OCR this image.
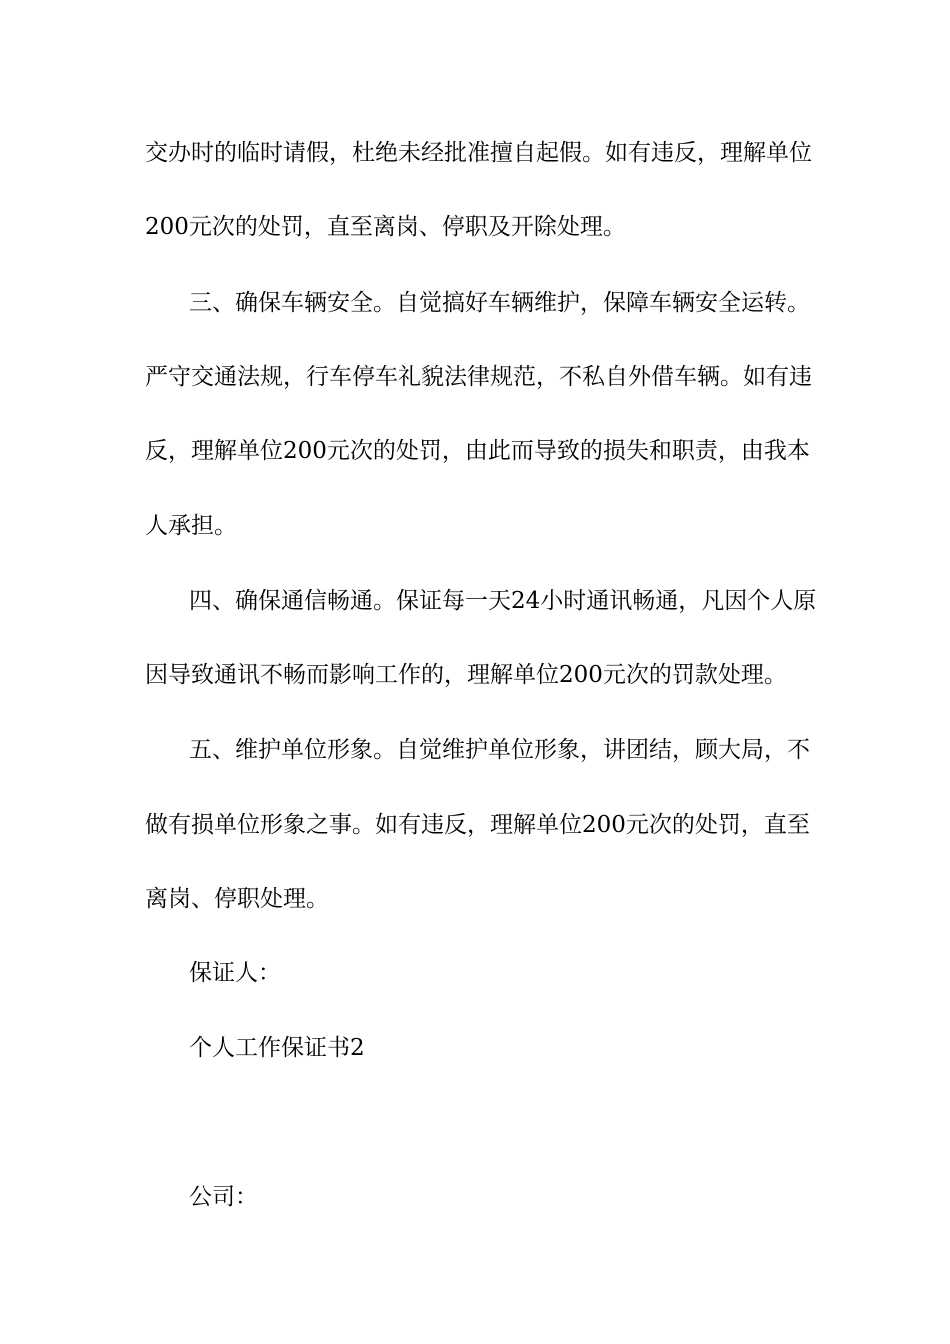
交办时的临时请假，杜绝未经批准擅自起假。如有违反，理解单位
200元次的处罚，直至离岗、停职及开除处理。
三、确保车辆安全。自觉搞好车辆维护，保障车辆安全运转。
严守交通法规，行车停车礼貌法律规范，不私自外借车辆。如有违
反，理解单位200元次的处罚，由此而导致的损失和职责，由我本
人承担。
四、确保通信畅通。保证每一天24小时通讯畅通，凡因个人原
因导致通讯不畅而影响工作的，理解单位200元次的罚款处理。
五、维护单位形象。自觉维护单位形象，讲团结，顾大局，不
做有损单位形象之事。如有违反，理解单位200元次的处罚，直至
离岗、停职处理。
保证人：
个人工作保证书2
公司：
